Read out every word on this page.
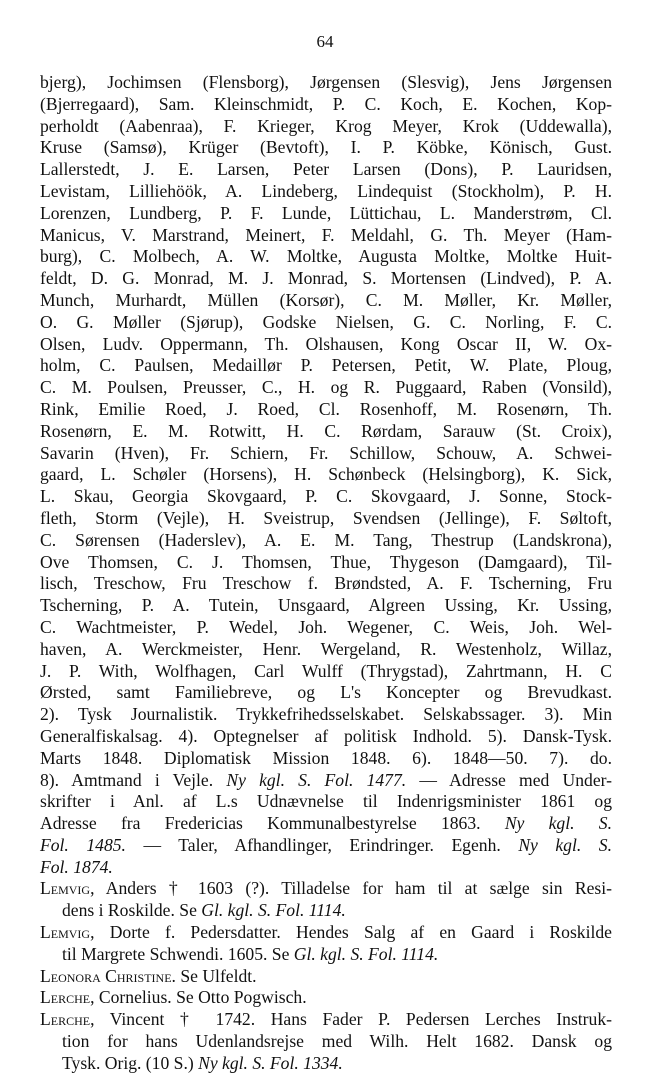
64
bjerg), Jochimsen (Flensborg), Jørgensen (Slesvig), Jens Jørgensen
(Bjerregaard), Sam. Kleinschmidt, P. C. Koch, E. Kochen, Kop-
perholdt (Aabenraa), F. Krieger, Krog Meyer, Krok (Uddewalla),
Kruse (Samsø), Krüger (Bevtoft), I. P. Köbke, Könisch, Gust.
Lallerstedt, J. E. Larsen, Peter Larsen (Dons), P. Lauridsen,
Levistam, Lilliehöök, A. Lindeberg, Lindequist (Stockholm), P. H.
Lorenzen, Lundberg, P. F. Lunde, Lüttichau, L. Manderstrøm, Cl.
Manicus, V. Marstrand, Meinert, F. Meldahl, G. Th. Meyer (Ham-
burg), C. Molbech, A. W. Moltke, Augusta Moltke, Moltke Huit-
feldt, D. G. Monrad, M. J. Monrad, S. Mortensen (Lindved), P. A.
Munch, Murhardt, Müllen (Korsør), C. M. Møller, Kr. Møller,
O. G. Møller (Sjørup), Godske Nielsen, G. C. Norling, F. C.
Olsen, Ludv. Oppermann, Th. Olshausen, Kong Oscar II, W. Ox-
holm, C. Paulsen, Medaillør P. Petersen, Petit, W. Plate, Ploug,
C. M. Poulsen, Preusser, C., H. og R. Puggaard, Raben (Vonsild),
Rink, Emilie Roed, J. Roed, Cl. Rosenhoff, M. Rosenørn, Th.
Rosenørn, E. M. Rotwitt, H. C. Rørdam, Sarauw (St. Croix),
Savarin (Hven), Fr. Schiern, Fr. Schillow, Schouw, A. Schwei-
gaard, L. Schøler (Horsens), H. Schønbeck (Helsingborg), K. Sick,
L. Skau, Georgia Skovgaard, P. C. Skovgaard, J. Sonne, Stock-
fleth, Storm (Vejle), H. Sveistrup, Svendsen (Jellinge), F. Søltoft,
C. Sørensen (Haderslev), A. E. M. Tang, Thestrup (Landskrona),
Ove Thomsen, C. J. Thomsen, Thue, Thygeson (Damgaard), Til-
lisch, Treschow, Fru Treschow f. Brøndsted, A. F. Tscherning, Fru
Tscherning, P. A. Tutein, Unsgaard, Algreen Ussing, Kr. Ussing,
C. Wachtmeister, P. Wedel, Joh. Wegener, C. Weis, Joh. Wel-
haven, A. Werckmeister, Henr. Wergeland, R. Westenholz, Willaz,
J. P. With, Wolfhagen, Carl Wulff (Thrygstad), Zahrtmann, H. C
Ørsted, samt Familiebreve, og L's Koncepter og Brevudkast.
2). Tysk Journalistik. Trykkefrihedsselskabet. Selskabssager. 3). Min
Generalfiskalsag. 4). Optegnelser af politisk Indhold. 5). Dansk-Tysk.
Marts 1848. Diplomatisk Mission 1848. 6). 1848—50. 7). do.
8). Amtmand i Vejle. Ny kgl. S. Fol. 1477. — Adresse med Under-
skrifter i Anl. af L.s Udnævnelse til Indenrigsminister 1861 og
Adresse fra Fredericias Kommunalbestyrelse 1863. Ny kgl. S.
Fol. 1485. — Taler, Afhandlinger, Erindringer. Egenh. Ny kgl. S.
Fol. 1874.
Lemvig, Anders † 1603 (?). Tilladelse for ham til at sælge sin Resi-
dens i Roskilde. Se Gl. kgl. S. Fol. 1114.
Lemvig, Dorte f. Pedersdatter. Hendes Salg af en Gaard i Roskilde
til Margrete Schwendi. 1605. Se Gl. kgl. S. Fol. 1114.
Leonora Christine. Se Ulfeldt.
Lerche, Cornelius. Se Otto Pogwisch.
Lerche, Vincent † 1742. Hans Fader P. Pedersen Lerches Instruk-
tion for hans Udenlandsrejse med Wilh. Helt 1682. Dansk og
Tysk. Orig. (10 S.) Ny kgl. S. Fol. 1334.
